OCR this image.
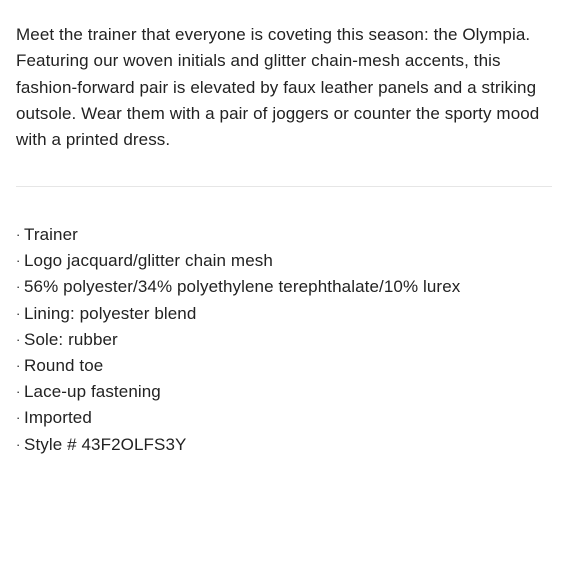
Meet the trainer that everyone is coveting this season: the Olympia. Featuring our woven initials and glitter chain-mesh accents, this fashion-forward pair is elevated by faux leather panels and a striking outsole. Wear them with a pair of joggers or counter the sporty mood with a printed dress.

· Trainer
· Logo jacquard/glitter chain mesh
· 56% polyester/34% polyethylene terephthalate/10% lurex
· Lining: polyester blend
· Sole: rubber
· Round toe
· Lace-up fastening
· Imported
· Style # 43F2OLFS3Y
